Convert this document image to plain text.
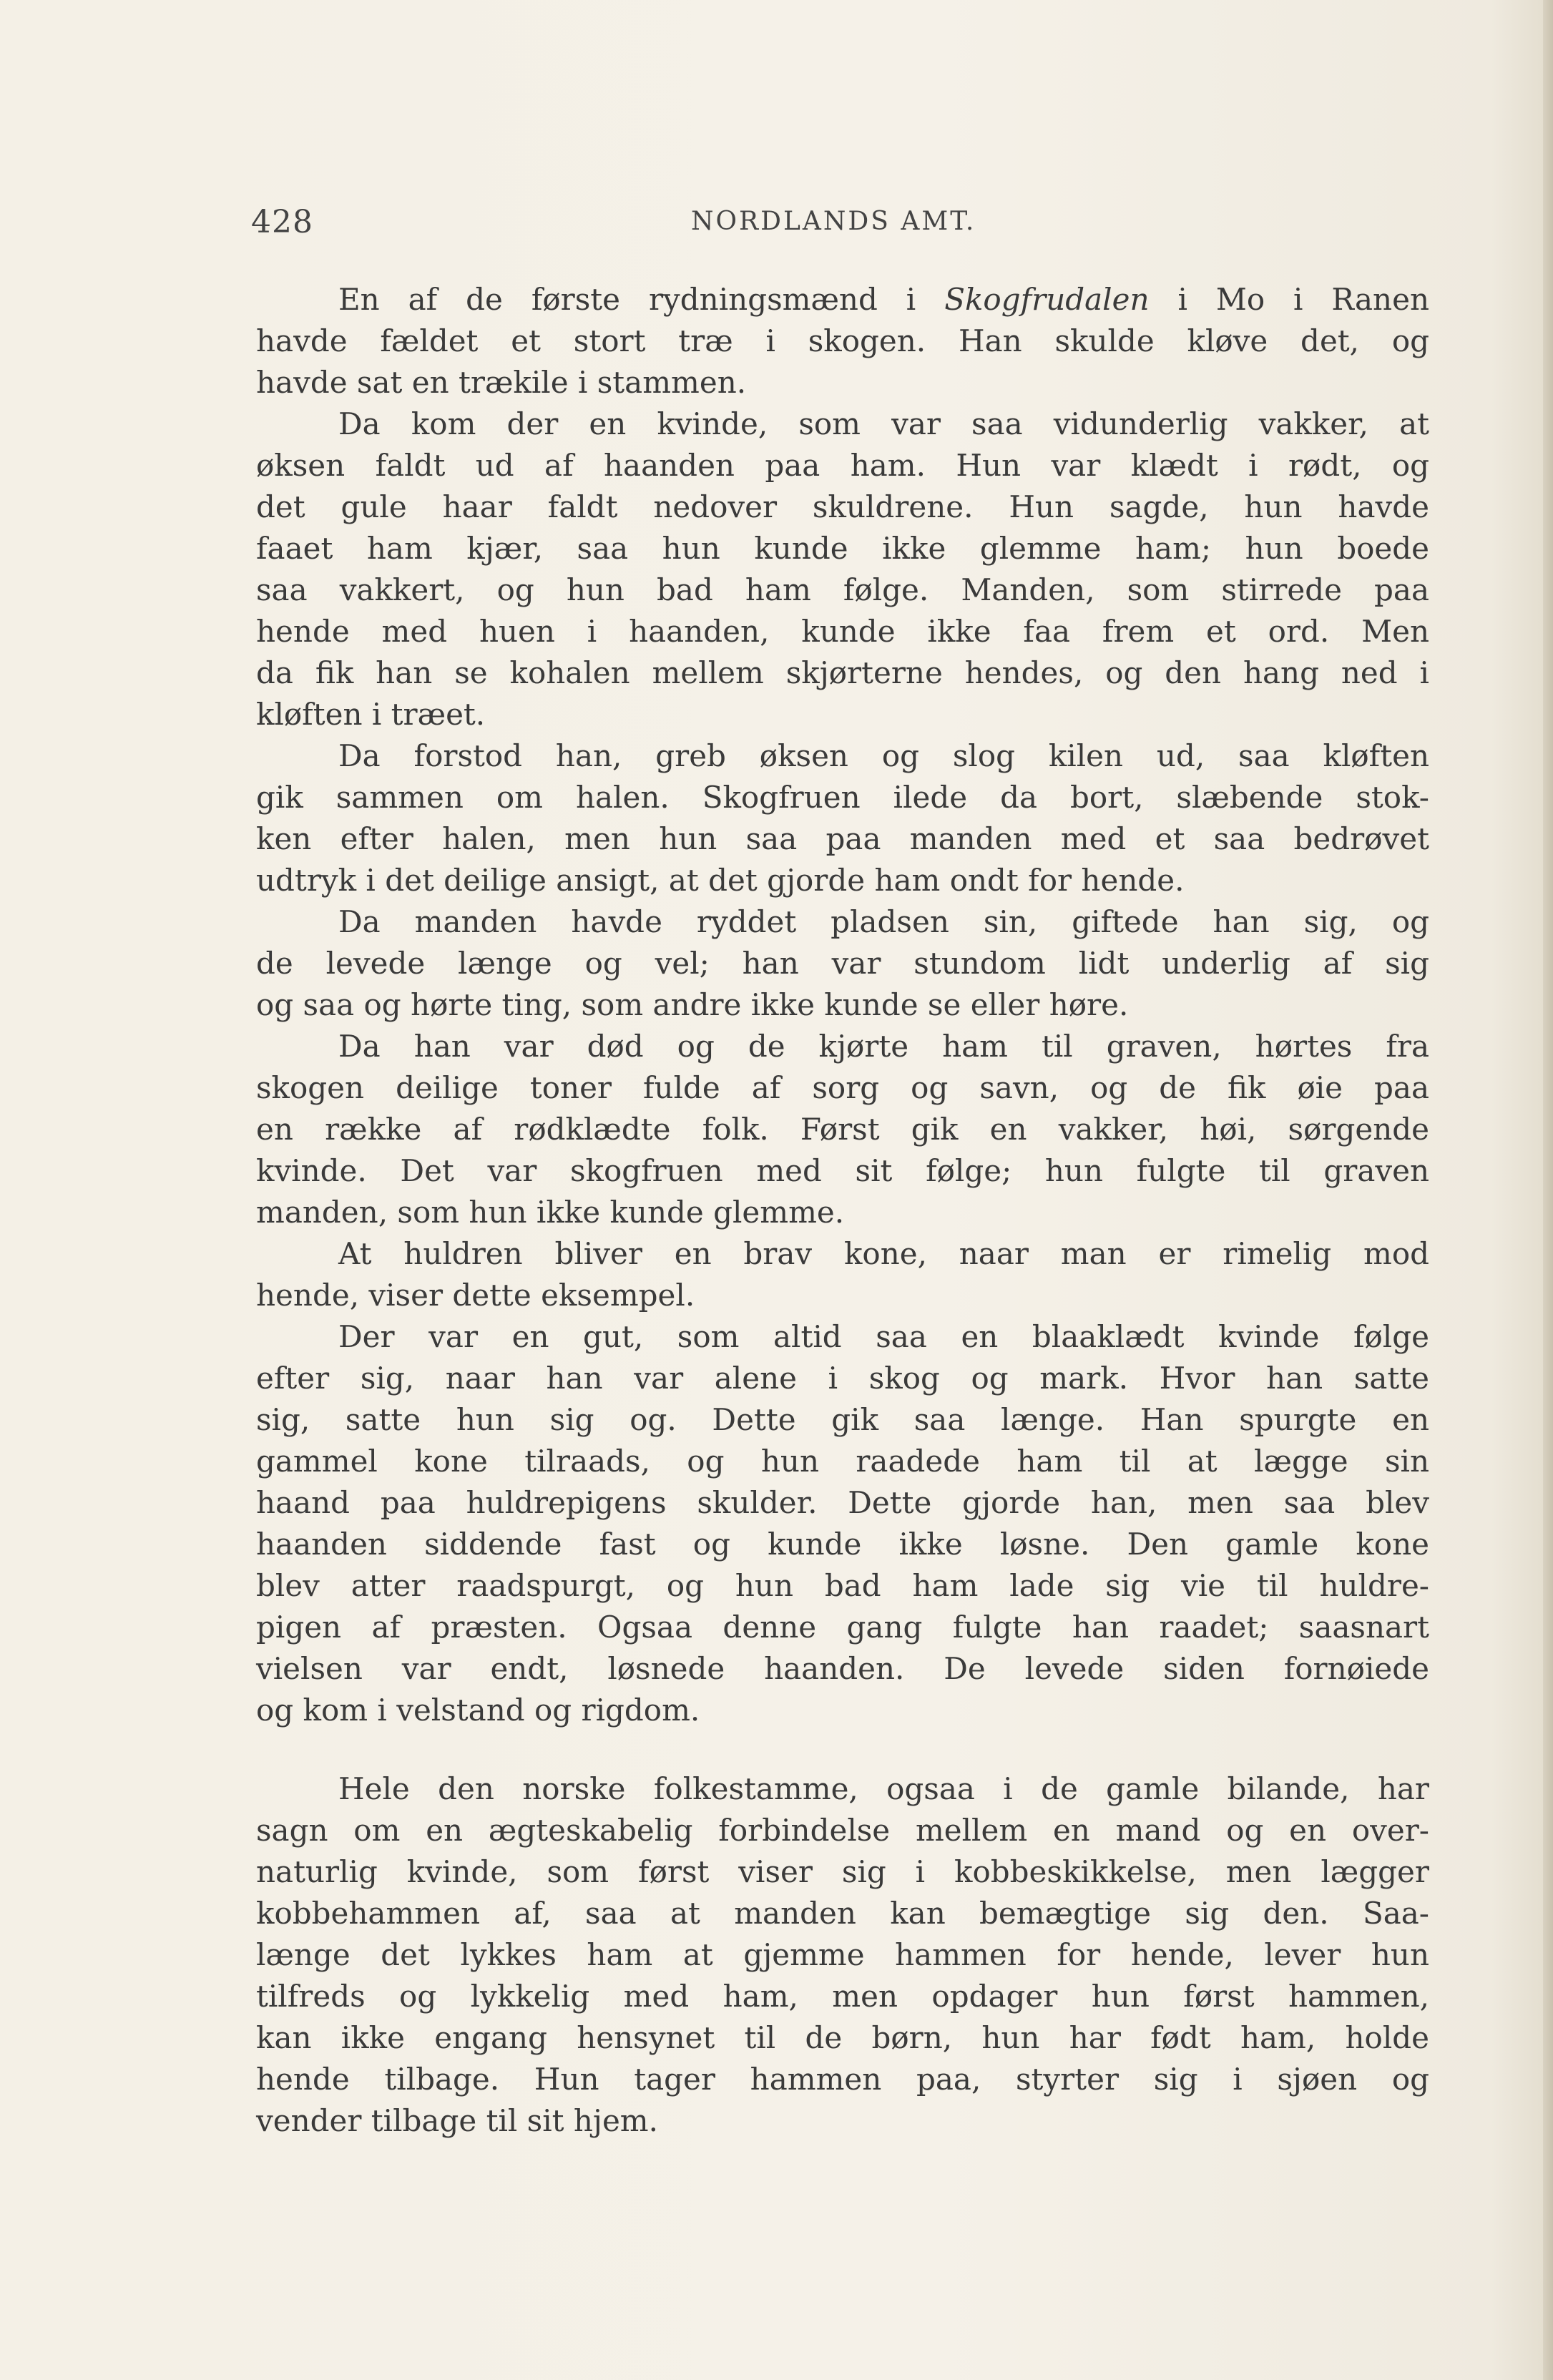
428	NORDLANDS AMT.
En af de første rydningsmænd i Skogfrudalen i Mo i Ranen
havde fældet et stort træ i skogen. Han skulde kløve det, og
havde sat en trækile i stammen.
Da kom der en kvinde, som var saa vidunderlig vakker, at
øksen faldt ud af haanden paa ham. Hun var klædt i rødt, og
det gule haar faldt nedover skuldrene. Hun sagde, hun havde
faaet ham kjær, saa hun kunde ikke glemme ham; hun boede
saa vakkert, og hun bad ham følge. Manden, som stirrede paa
hende med huen i haanden, kunde ikke faa frem et ord. Men
da fik han se kohalen mellem skjørterne hendes, og den hang ned i
kløften i træet.
Da forstod han, greb øksen og slog kilen ud, saa kløften
gik sammen om halen. Skogfruen ilede da bort, slæbende stok-
ken efter halen, men hun saa paa manden med et saa bedrøvet
udtryk i det deilige ansigt, at det gjorde ham ondt for hende.
Da manden havde ryddet pladsen sin, giftede han sig, og
de levede længe og vel; han var stundom lidt underlig af sig
og saa og hørte ting, som andre ikke kunde se eller høre.
Da han var død og de kjørte ham til graven, hørtes fra
skogen deilige toner fulde af sorg og savn, og de fik øie paa
en række af rødklædte folk. Først gik en vakker, høi, sørgende
kvinde. Det var skogfruen med sit følge; hun fulgte til graven
manden, som hun ikke kunde glemme.
At huldren bliver en brav kone, naar man er rimelig mod
hende, viser dette eksempel.
Der var en gut, som altid saa en blaaklædt kvinde følge
efter sig, naar han var alene i skog og mark. Hvor han satte
sig, satte hun sig og. Dette gik saa længe. Han spurgte en
gammel kone tilraads, og hun raadede ham til at lægge sin
haand paa huldrepigens skulder. Dette gjorde han, men saa blev
haanden siddende fast og kunde ikke løsne. Den gamle kone
blev atter raadspurgt, og hun bad ham lade sig vie til huldre-
pigen af præsten. Ogsaa denne gang fulgte han raadet; saasnart
vielsen var endt, løsnede haanden. De levede siden fornøiede
og kom i velstand og rigdom.
Hele den norske folkestamme, ogsaa i de gamle bilande, har
sagn om en ægteskabelig forbindelse mellem en mand og en over-
naturlig kvinde, som først viser sig i kobbeskikkelse, men lægger
kobbehammen af, saa at manden kan bemægtige sig den. Saa-
længe det lykkes ham at gjemme hammen for hende, lever hun
tilfreds og lykkelig med ham, men opdager hun først hammen,
kan ikke engang hensynet til de børn, hun har født ham, holde
hende tilbage. Hun tager hammen paa, styrter sig i sjøen og
vender tilbage til sit hjem.
